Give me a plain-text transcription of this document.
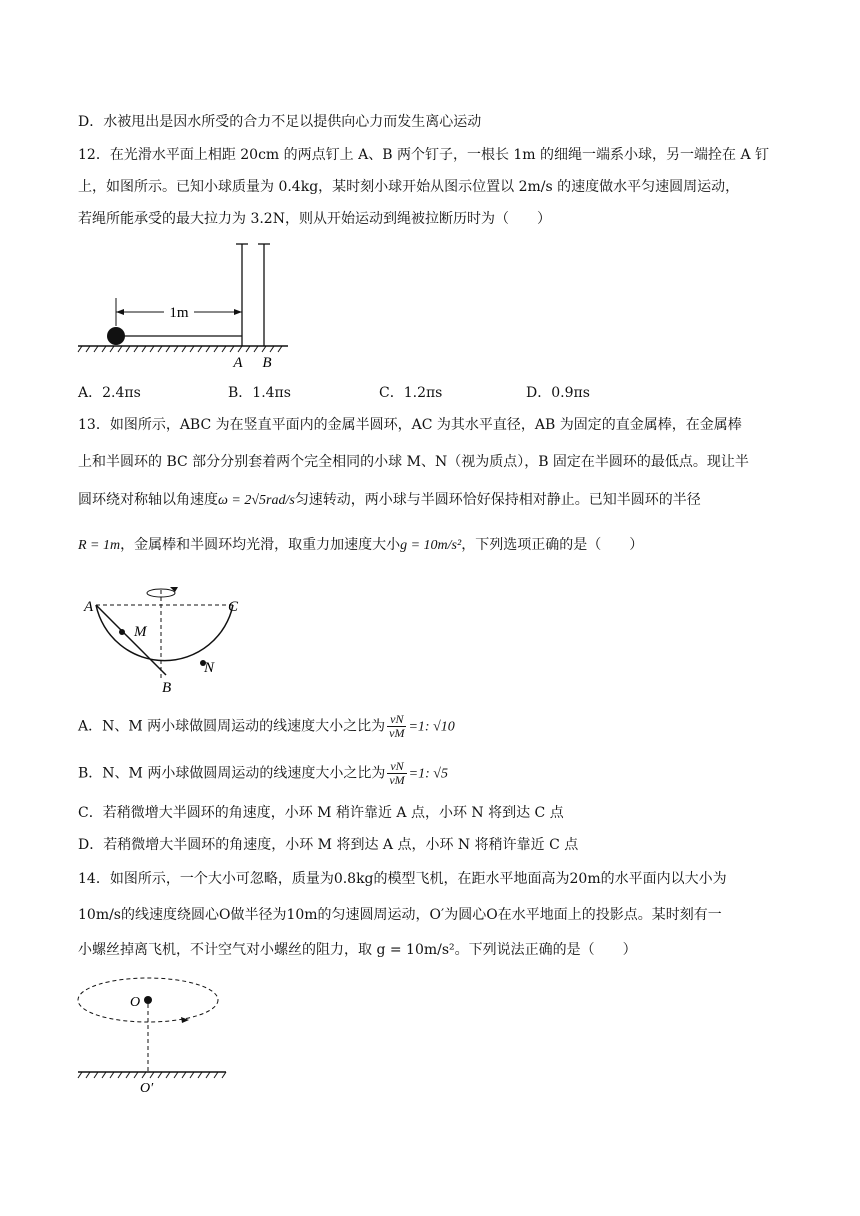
D．水被甩出是因水所受的合力不足以提供向心力而发生离心运动
12．在光滑水平面上相距 20cm 的两点钉上 A、B 两个钉子，一根长 1m 的细绳一端系小球，另一端拴在 A 钉
上，如图所示。已知小球质量为 0.4kg，某时刻小球开始从图示位置以 2m/s 的速度做水平匀速圆周运动，
若绳所能承受的最大拉力为 3.2N，则从开始运动到绳被拉断历时为（　　）
1m
A B
A．2.4πs	B．1.4πs	C．1.2πs	D．0.9πs
13．如图所示，ABC 为在竖直平面内的金属半圆环，AC 为其水平直径，AB 为固定的直金属棒，在金属棒
上和半圆环的 BC 部分分别套着两个完全相同的小球 M、N（视为质点），B 固定在半圆环的最低点。现让半
圆环绕对称轴以角速度ω = 2√5rad/s匀速转动，两小球与半圆环恰好保持相对静止。已知半圆环的半径
R = 1m，金属棒和半圆环均光滑，取重力加速度大小g = 10m/s²，下列选项正确的是（　　）
A	C
B
M
N
A．N、M 两小球做圆周运动的线速度大小之比为 $\frac{vN}{vM} =1$: √10
B．N、M 两小球做圆周运动的线速度大小之比为 $\frac{vN}{vM} =1$: √5
C．若稍微增大半圆环的角速度，小环 M 稍许靠近 A 点，小环 N 将到达 C 点
D．若稍微增大半圆环的角速度，小环 M 将到达 A 点，小环 N 将稍许靠近 C 点
14．如图所示，一个大小可忽略，质量为0.8kg的模型飞机，在距水平地面高为20m的水平面内以大小为
10m/s的线速度绕圆心O做半径为10m的匀速圆周运动，O′为圆心O在水平地面上的投影点。某时刻有一
小螺丝掉离飞机，不计空气对小螺丝的阻力，取 g = 10m/s²。下列说法正确的是（　　）
O
O′
